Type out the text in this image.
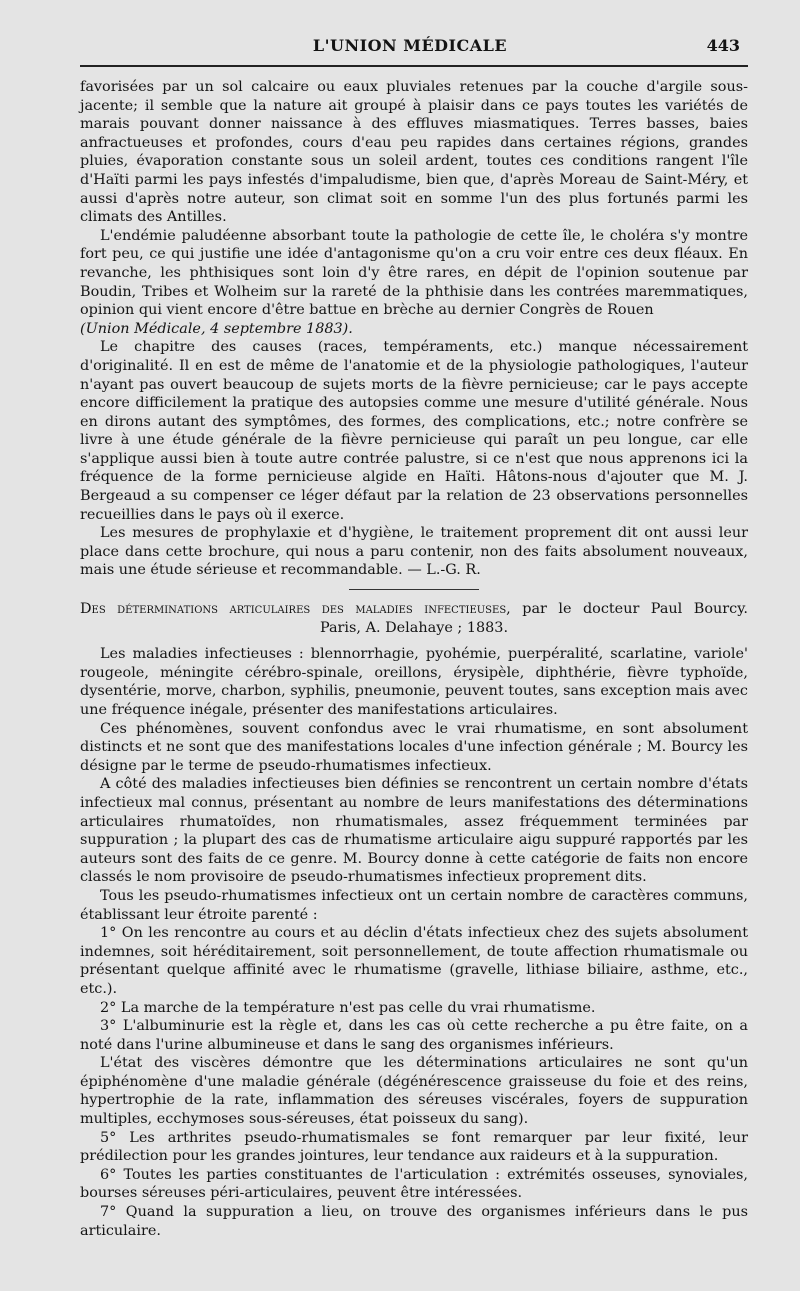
L'UNION MÉDICALE	443

favorisées par un sol calcaire ou eaux pluviales retenues par la couche d'argile sous-jacente; il semble que la nature ait groupé à plaisir dans ce pays toutes les variétés de marais pouvant donner naissance à des effluves miasmatiques. Terres basses, baies anfractueuses et profondes, cours d'eau peu rapides dans certaines régions, grandes pluies, évaporation constante sous un soleil ardent, toutes ces conditions rangent l'île d'Haïti parmi les pays infestés d'impaludisme, bien que, d'après Moreau de Saint-Méry, et aussi d'après notre auteur, son climat soit en somme l'un des plus fortunés parmi les climats des Antilles.

L'endémie paludéenne absorbant toute la pathologie de cette île, le choléra s'y montre fort peu, ce qui justifie une idée d'antagonisme qu'on a cru voir entre ces deux fléaux. En revanche, les phthisiques sont loin d'y être rares, en dépit de l'opinion soutenue par Boudin, Tribes et Wolheim sur la rareté de la phthisie dans les contrées maremmatiques, opinion qui vient encore d'être battue en brèche au dernier Congrès de Rouen

(Union Médicale, 4 septembre 1883).

Le chapitre des causes (races, tempéraments, etc.) manque nécessairement d'originalité. Il en est de même de l'anatomie et de la physiologie pathologiques, l'auteur n'ayant pas ouvert beaucoup de sujets morts de la fièvre pernicieuse; car le pays accepte encore difficilement la pratique des autopsies comme une mesure d'utilité générale. Nous en dirons autant des symptômes, des formes, des complications, etc.; notre confrère se livre à une étude générale de la fièvre pernicieuse qui paraît un peu longue, car elle s'applique aussi bien à toute autre contrée palustre, si ce n'est que nous apprenons ici la fréquence de la forme pernicieuse algide en Haïti. Hâtons-nous d'ajouter que M. J. Bergeaud a su compenser ce léger défaut par la relation de 23 observations personnelles recueillies dans le pays où il exerce.

Les mesures de prophylaxie et d'hygiène, le traitement proprement dit ont aussi leur place dans cette brochure, qui nous a paru contenir, non des faits absolument nouveaux, mais une étude sérieuse et recommandable. — L.-G. R.

Des déterminations articulaires des maladies infectieuses, par le docteur Paul Bourcy.
Paris, A. Delahaye ; 1883.

Les maladies infectieuses : blennorrhagie, pyohémie, puerpéralité, scarlatine, variole' rougeole, méningite cérébro-spinale, oreillons, érysipèle, diphthérie, fièvre typhoïde, dysentérie, morve, charbon, syphilis, pneumonie, peuvent toutes, sans exception mais avec une fréquence inégale, présenter des manifestations articulaires.

Ces phénomènes, souvent confondus avec le vrai rhumatisme, en sont absolument distincts et ne sont que des manifestations locales d'une infection générale ; M. Bourcy les désigne par le terme de pseudo-rhumatismes infectieux.

A côté des maladies infectieuses bien définies se rencontrent un certain nombre d'états infectieux mal connus, présentant au nombre de leurs manifestations des déterminations articulaires rhumatoïdes, non rhumatismales, assez fréquemment terminées par suppuration ; la plupart des cas de rhumatisme articulaire aigu suppuré rapportés par les auteurs sont des faits de ce genre. M. Bourcy donne à cette catégorie de faits non encore classés le nom provisoire de pseudo-rhumatismes infectieux proprement dits.

Tous les pseudo-rhumatismes infectieux ont un certain nombre de caractères communs, établissant leur étroite parenté :

1° On les rencontre au cours et au déclin d'états infectieux chez des sujets absolument indemnes, soit héréditairement, soit personnellement, de toute affection rhumatismale ou présentant quelque affinité avec le rhumatisme (gravelle, lithiase biliaire, asthme, etc., etc.).

2° La marche de la température n'est pas celle du vrai rhumatisme.

3° L'albuminurie est la règle et, dans les cas où cette recherche a pu être faite, on a noté dans l'urine albumineuse et dans le sang des organismes inférieurs.

L'état des viscères démontre que les déterminations articulaires ne sont qu'un épiphénomène d'une maladie générale (dégénérescence graisseuse du foie et des reins, hypertrophie de la rate, inflammation des séreuses viscérales, foyers de suppuration multiples, ecchymoses sous-séreuses, état poisseux du sang).

5° Les arthrites pseudo-rhumatismales se font remarquer par leur fixité, leur prédilection pour les grandes jointures, leur tendance aux raideurs et à la suppuration.

6° Toutes les parties constituantes de l'articulation : extrémités osseuses, synoviales, bourses séreuses péri-articulaires, peuvent être intéressées.

7° Quand la suppuration a lieu, on trouve des organismes inférieurs dans le pus articulaire.
